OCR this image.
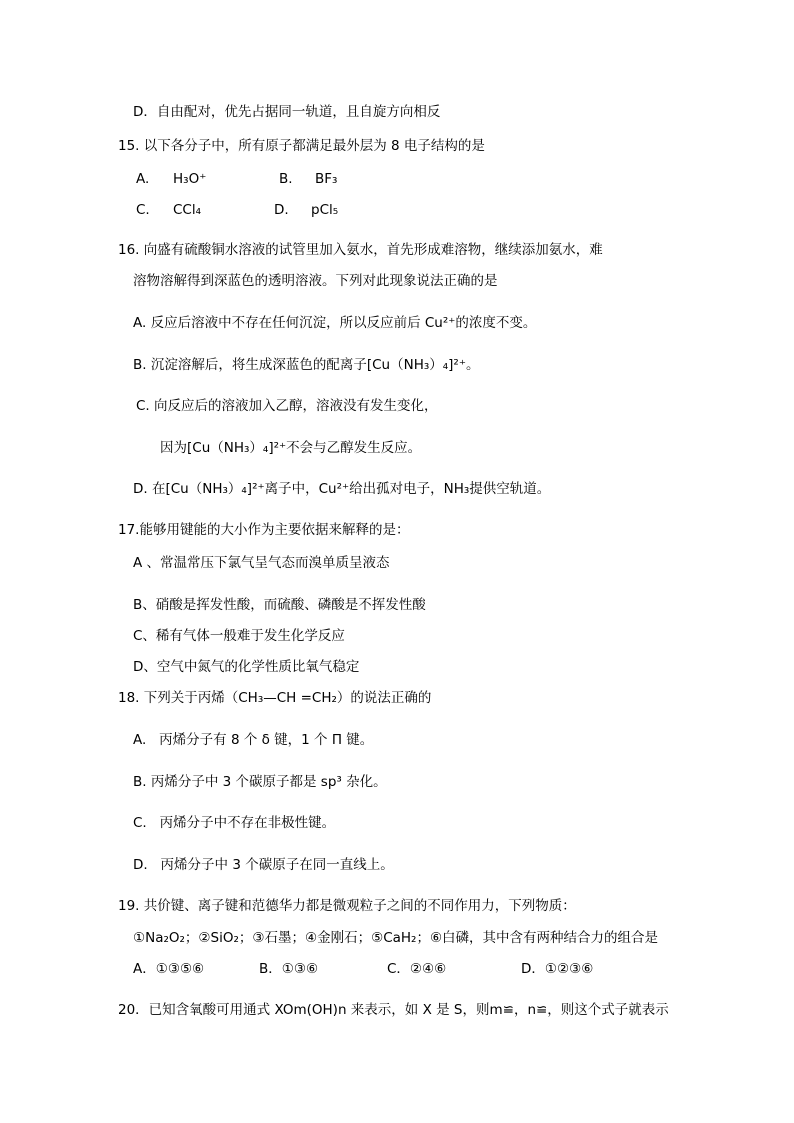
D．自由配对，优先占据同一轨道，且自旋方向相反
15. 以下各分子中，所有原子都满足最外层为 8 电子结构的是
A. H₃O⁺	B. BF₃
C. CCl₄	D. pCl₅
16. 向盛有硫酸铜水溶液的试管里加入氨水，首先形成难溶物，继续添加氨水，难
溶物溶解得到深蓝色的透明溶液。下列对此现象说法正确的是
A. 反应后溶液中不存在任何沉淀，所以反应前后 Cu²⁺的浓度不变。
B. 沉淀溶解后，将生成深蓝色的配离子[Cu（NH₃）₄]²⁺。
C. 向反应后的溶液加入乙醇，溶液没有发生变化，
因为[Cu（NH₃）₄]²⁺不会与乙醇发生反应。
D. 在[Cu（NH₃）₄]²⁺离子中，Cu²⁺给出孤对电子，NH₃提供空轨道。
17.能够用键能的大小作为主要依据来解释的是：
A 、常温常压下氯气呈气态而溴单质呈液态
B、硝酸是挥发性酸，而硫酸、磷酸是不挥发性酸
C、稀有气体一般难于发生化学反应
D、空气中氮气的化学性质比氧气稳定
18. 下列关于丙烯（CH₃—CH =CH₂）的说法正确的
A.   丙烯分子有 8 个 δ 键，1 个 Π 键。
B. 丙烯分子中 3 个碳原子都是 sp³ 杂化。
C.   丙烯分子中不存在非极性键。
D.   丙烯分子中 3 个碳原子在同一直线上。
19. 共价键、离子键和范德华力都是微观粒子之间的不同作用力，下列物质：
①Na₂O₂；②SiO₂；③石墨；④金刚石；⑤CaH₂；⑥白磷，其中含有两种结合力的组合是
A．①③⑤⑥	B．①③⑥	C．②④⑥	D．①②③⑥
20．已知含氧酸可用通式 XOm(OH)n 来表示，如 X 是 S，则m≌，n≌，则这个式子就表示
